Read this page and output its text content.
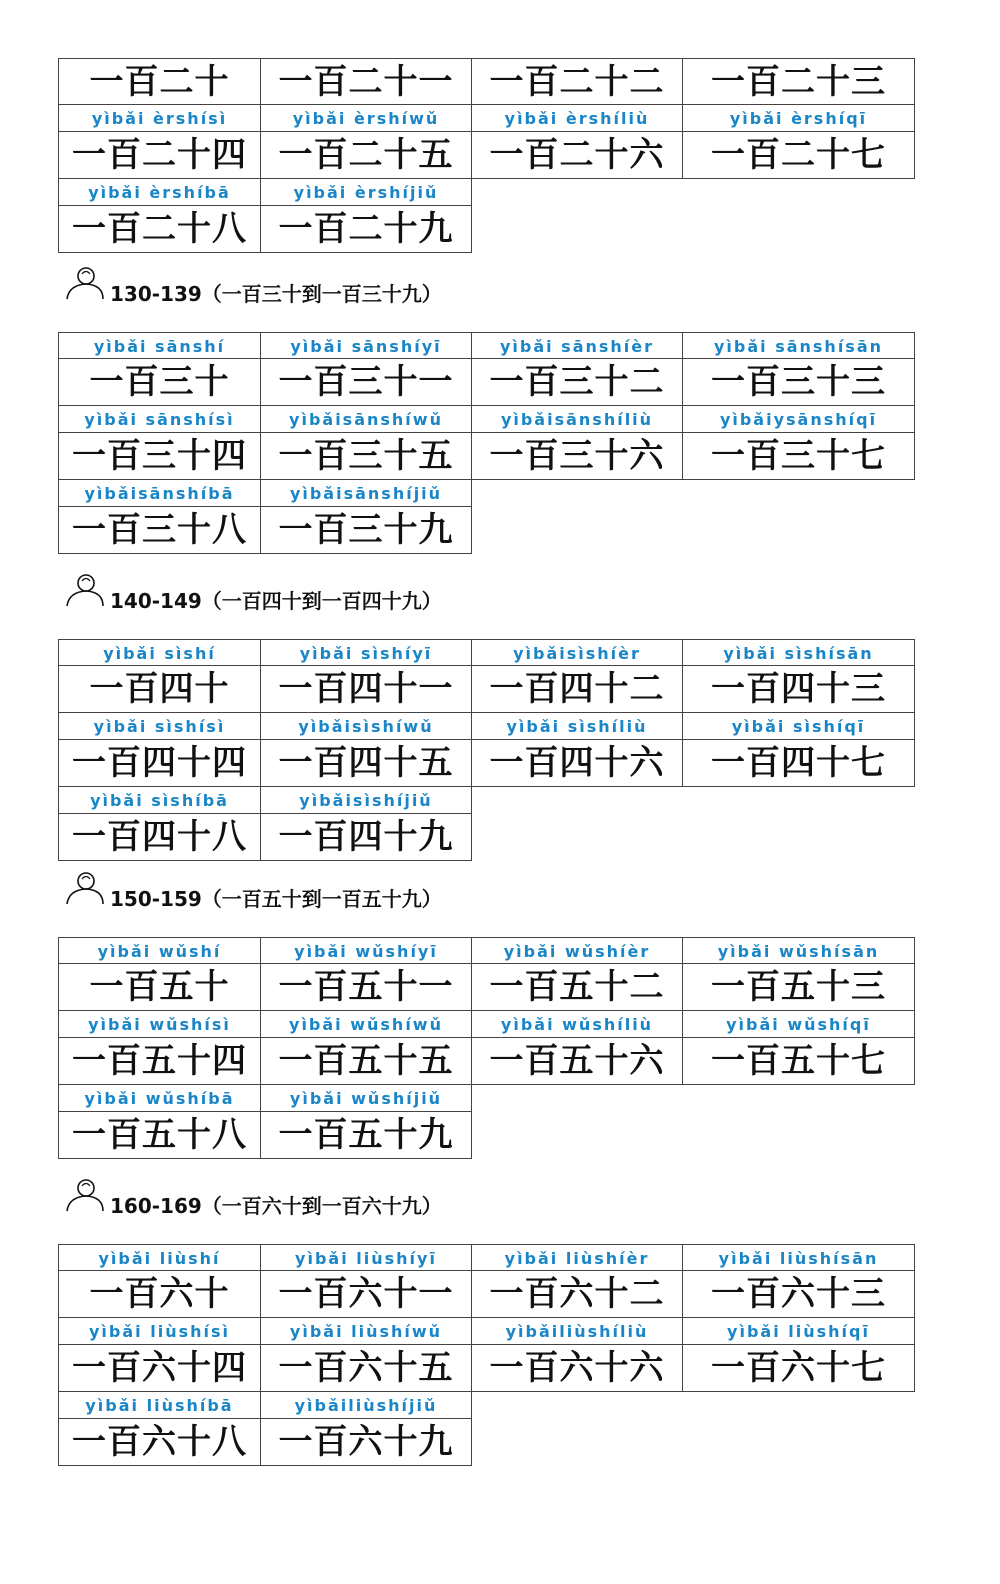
一百二十	一百二十一	一百二十二	一百二十三
yìbǎi èrshísì	yìbǎi èrshíwǔ	yìbǎi èrshíliù	yìbǎi èrshíqī
一百二十四 一百二十五	一百二十六	一百二十七
yìbǎi èrshíbā	yìbǎi èrshíjiǔ
一百二十八 一百二十九
130-139（一百三十到一百三十九）
yìbǎi sānshí	yìbǎi sānshíyī	yìbǎi sānshíèr	yìbǎi sānshísān
一百三十	一百三十一	一百三十二	一百三十三
yìbǎi sānshísì	yìbǎisānshíwǔ	yìbǎisānshíliù	yìbǎiysānshíqī
一百三十四 一百三十五	一百三十六	一百三十七
yìbǎisānshíbā	yìbǎisānshíjiǔ
一百三十八 一百三十九
140-149（一百四十到一百四十九）
yìbǎi sìshí	yìbǎi sìshíyī	yìbǎisìshíèr	yìbǎi sìshísān
一百四十	一百四十一	一百四十二	一百四十三
yìbǎi sìshísì	yìbǎisìshíwǔ	yìbǎi sìshíliù	yìbǎi sìshíqī
一百四十四 一百四十五	一百四十六	一百四十七
yìbǎi sìshíbā	yìbǎisìshíjiǔ
一百四十八 一百四十九
150-159（一百五十到一百五十九）
yìbǎi wǔshí	yìbǎi wǔshíyī	yìbǎi wǔshíèr	yìbǎi wǔshísān
一百五十	一百五十一	一百五十二	一百五十三
yìbǎi wǔshísì	yìbǎi wǔshíwǔ	yìbǎi wǔshíliù	yìbǎi wǔshíqī
一百五十四 一百五十五	一百五十六	一百五十七
yìbǎi wǔshíbā	yìbǎi wǔshíjiǔ
一百五十八 一百五十九
160-169（一百六十到一百六十九）
yìbǎi liùshí	yìbǎi liùshíyī	yìbǎi liùshíèr	yìbǎi liùshísān
一百六十	一百六十一	一百六十二	一百六十三
yìbǎi liùshísì	yìbǎi liùshíwǔ	yìbǎiliùshíliù	yìbǎi liùshíqī
一百六十四 一百六十五	一百六十六	一百六十七
yìbǎi liùshíbā	yìbǎiliùshíjiǔ
一百六十八 一百六十九
